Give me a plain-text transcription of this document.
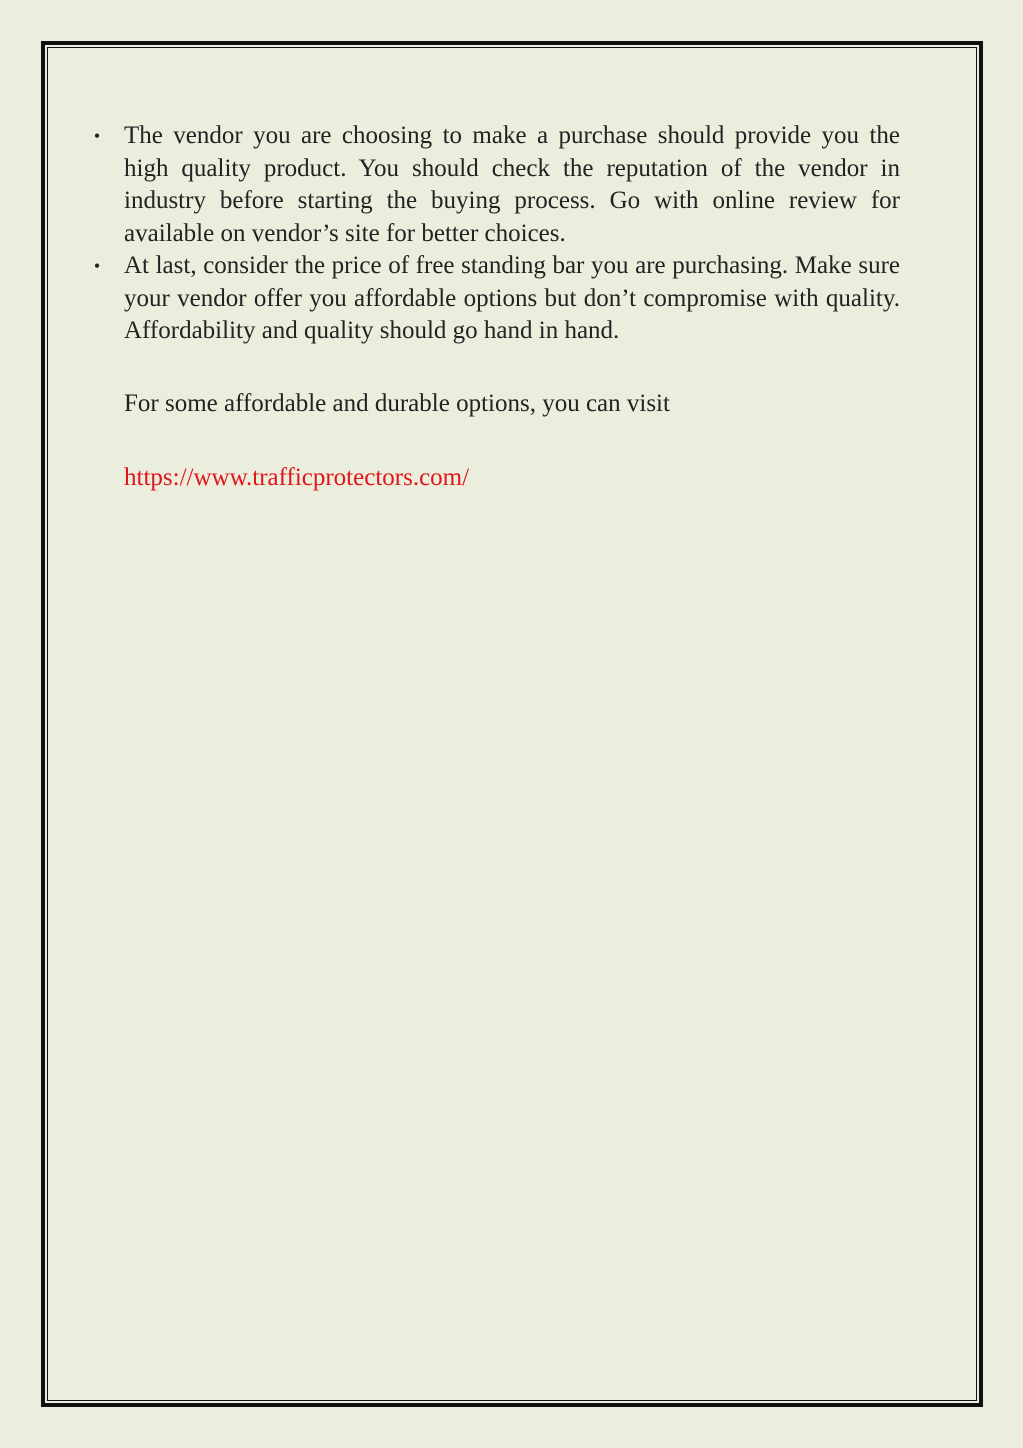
• The vendor you are choosing to make a purchase should provide you the high quality product. You should check the reputation of the vendor in industry before starting the buying process. Go with online review for available on vendor’s site for better choices.
• At last, consider the price of free standing bar you are purchasing. Make sure your vendor offer you affordable options but don’t compromise with quality. Affordability and quality should go hand in hand.

For some affordable and durable options, you can visit

https://www.trafficprotectors.com/
